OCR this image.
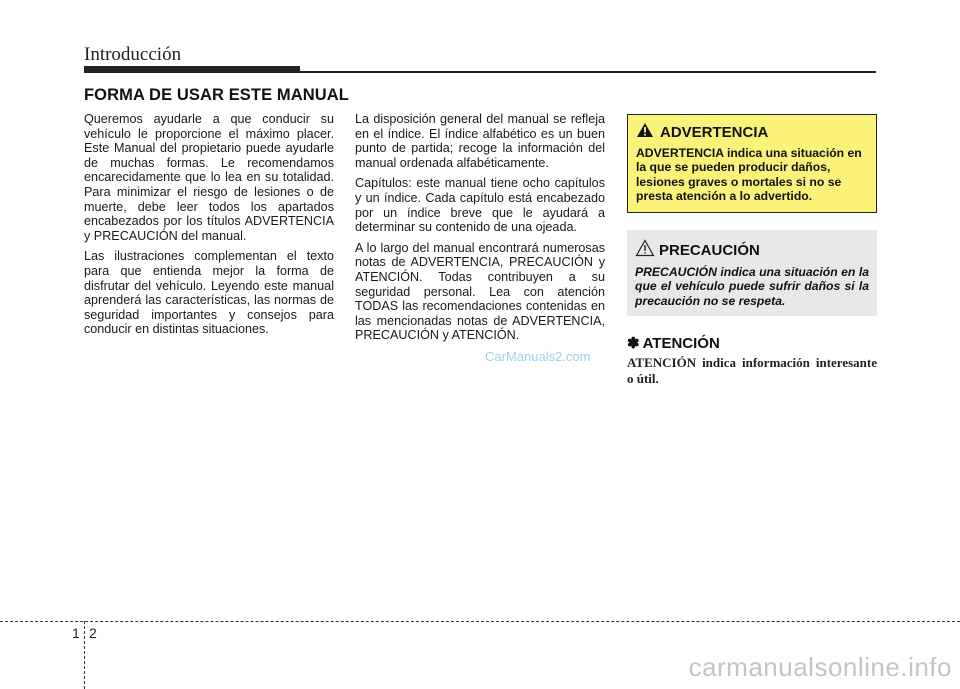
Introducción
FORMA DE USAR ESTE MANUAL

Queremos ayudarle a que conducir su vehículo le proporcione el máximo placer. Este Manual del propietario puede ayudarle de muchas formas. Le recomendamos encarecidamente que lo lea en su totalidad. Para minimizar el riesgo de lesiones o de muerte, debe leer todos los apartados encabezados por los títulos ADVERTENCIA y PRECAUCIÓN del manual.

Las ilustraciones complementan el texto para que entienda mejor la forma de disfrutar del vehículo. Leyendo este manual aprenderá las características, las normas de seguridad importantes y consejos para conducir en distintas situaciones.

La disposición general del manual se refleja en el índice. El índice alfabético es un buen punto de partida; recoge la información del manual ordenada alfabéticamente.

Capítulos: este manual tiene ocho capítulos y un índice. Cada capítulo está encabezado por un índice breve que le ayudará a determinar su contenido de una ojeada.

A lo largo del manual encontrará numerosas notas de ADVERTENCIA, PRECAUCIÓN y ATENCIÓN. Todas contribuyen a su seguridad personal. Lea con atención TODAS las recomendaciones contenidas en las mencionadas notas de ADVERTENCIA, PRECAUCIÓN y ATENCIÓN.

ADVERTENCIA
ADVERTENCIA indica una situación en la que se pueden producir daños, lesiones graves o mortales si no se presta atención a lo advertido.
PRECAUCIÓN
PRECAUCIÓN indica una situación en la que el vehículo puede sufrir daños si la precaución no se respeta.
✽ ATENCIÓN
ATENCIÓN indica información interesante o útil.
CarManuals2.com
1 2
carmanualsonline.info
